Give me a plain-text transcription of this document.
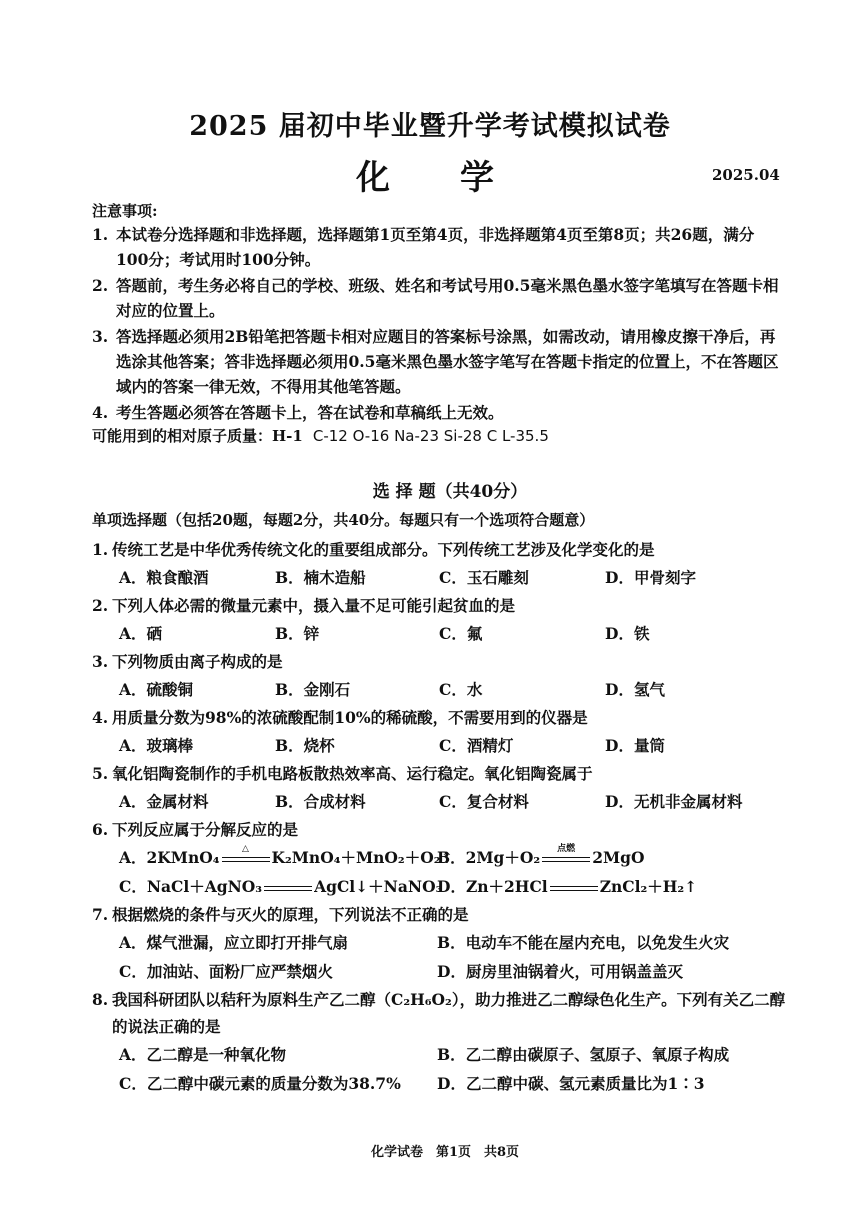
2025 届初中毕业暨升学考试模拟试卷
化学	2025.04
注意事项:
1. 本试卷分选择题和非选择题，选择题第1页至第4页，非选择题第4页至第8页；共26题，满分100分；考试用时100分钟。
2. 答题前，考生务必将自己的学校、班级、姓名和考试号用0.5毫米黑色墨水签字笔填写在答题卡相对应的位置上。
3. 答选择题必须用2B铅笔把答题卡相对应题目的答案标号涂黑，如需改动，请用橡皮擦干净后，再选涂其他答案；答非选择题必须用0.5毫米黑色墨水签字笔写在答题卡指定的位置上，不在答题区域内的答案一律无效，不得用其他笔答题。
4. 考生答题必须答在答题卡上，答在试卷和草稿纸上无效。
可能用到的相对原子质量：H-1 C-12 O-16 Na-23 Si-28 C L-35.5
选 择 题（共40分）
单项选择题（包括20题，每题2分，共40分。每题只有一个选项符合题意）
1. 传统工艺是中华优秀传统文化的重要组成部分。下列传统工艺涉及化学变化的是
A．粮食酿酒	B．楠木造船	C．玉石雕刻	D．甲骨刻字
2. 下列人体必需的微量元素中，摄入量不足可能引起贫血的是
A．硒	B．锌	C．氟	D．铁
3. 下列物质由离子构成的是
A．硫酸铜	B．金刚石	C．水	D．氢气
4. 用质量分数为98%的浓硫酸配制10%的稀硫酸，不需要用到的仪器是
A．玻璃棒	B．烧杯	C．酒精灯	D．量筒
5. 氧化铝陶瓷制作的手机电路板散热效率高、运行稳定。氧化铝陶瓷属于
A．金属材料	B．合成材料	C．复合材料	D．无机非金属材料
6. 下列反应属于分解反应的是
A．2KMnO₄	△	K₂MnO₄＋MnO₂＋O₂↑
B．2Mg＋O₂	点燃	2MgO
C．NaCl＋AgNO₃	AgCl↓＋NaNO₃
D．Zn＋2HCl	ZnCl₂＋H₂↑
7. 根据燃烧的条件与灭火的原理，下列说法不正确的是
A．煤气泄漏，应立即打开排气扇	B．电动车不能在屋内充电，以免发生火灾
C．加油站、面粉厂应严禁烟火	D．厨房里油锅着火，可用锅盖盖灭
8. 我国科研团队以秸秆为原料生产乙二醇（C₂H₆O₂），助力推进乙二醇绿色化生产。下列有关乙二醇的说法正确的是
A．乙二醇是一种氧化物	B．乙二醇由碳原子、氢原子、氧原子构成
C．乙二醇中碳元素的质量分数为38.7% D．乙二醇中碳、氢元素质量比为1∶3
化学试卷　第1页　共8页
